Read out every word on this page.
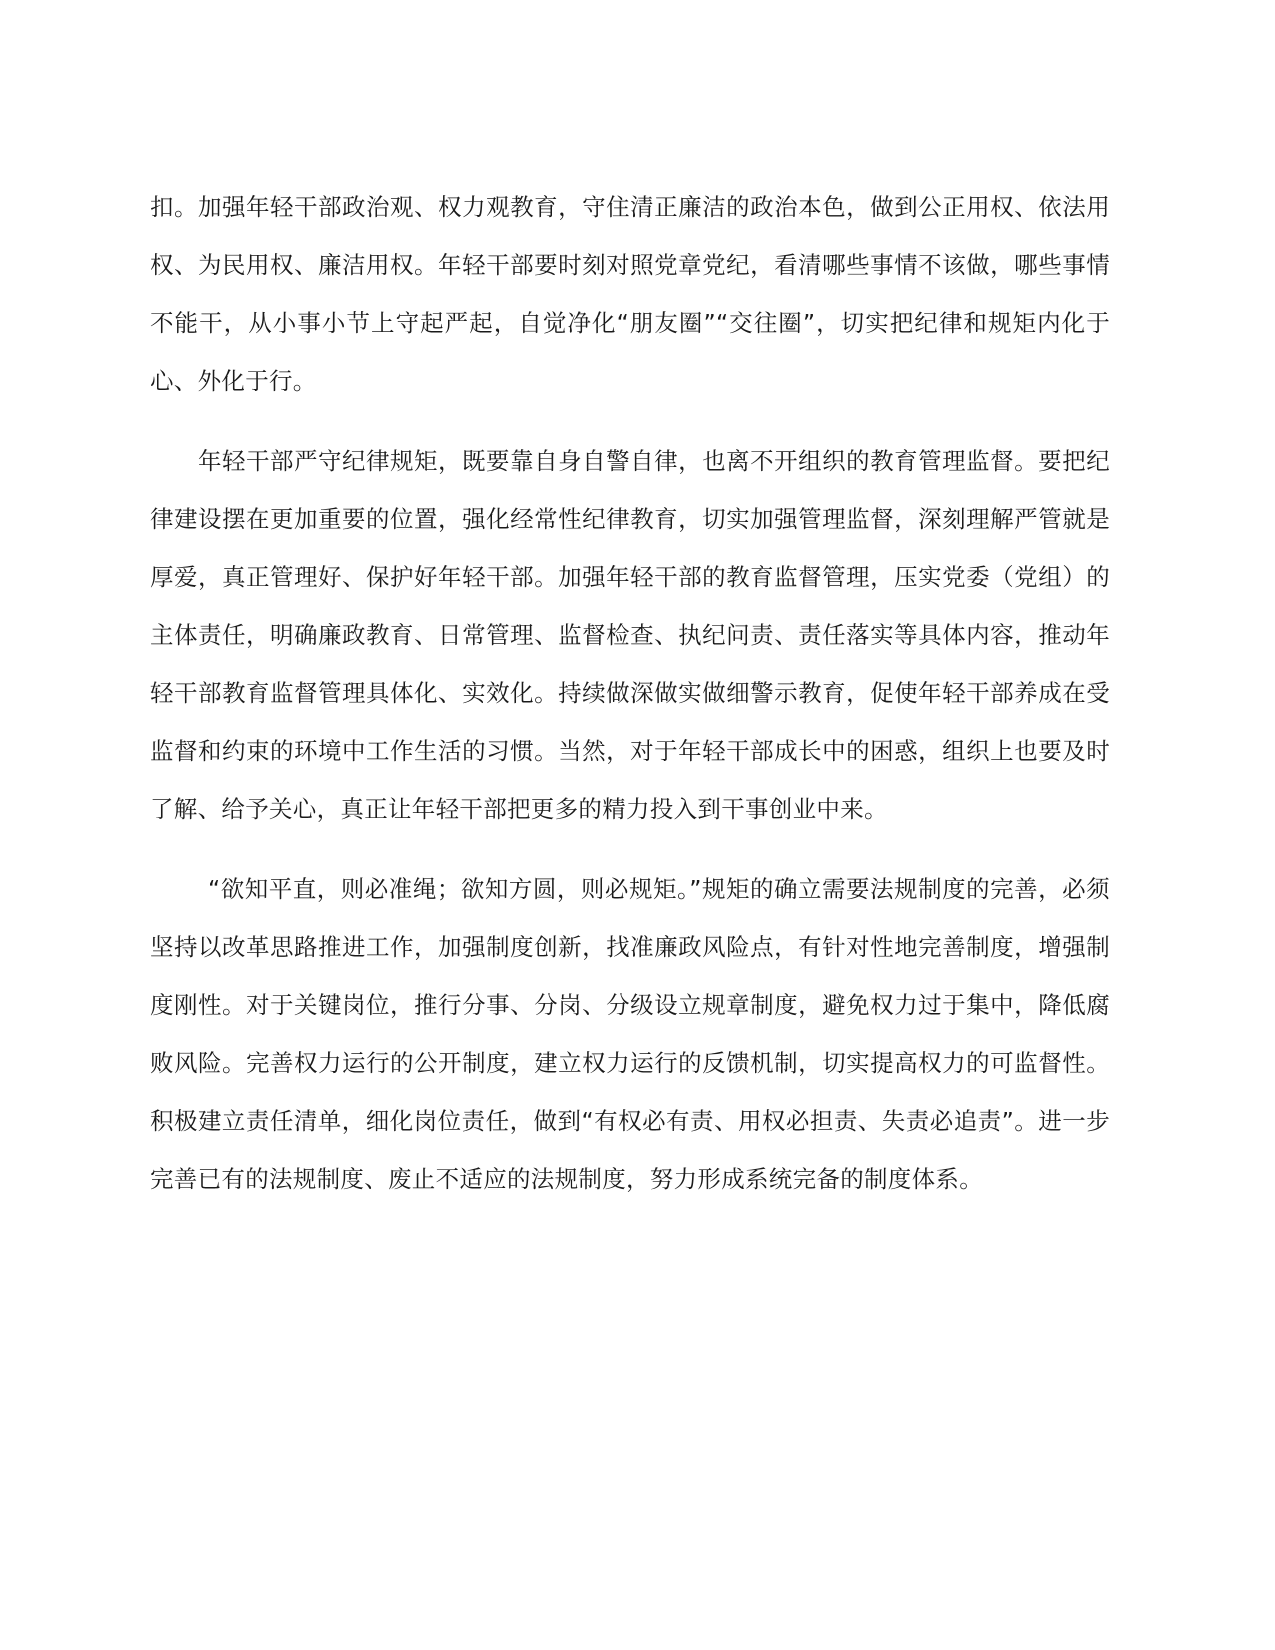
扣。加强年轻干部政治观、权力观教育，守住清正廉洁的政治本色，做到公正用权、依法用权、为民用权、廉洁用权。年轻干部要时刻对照党章党纪，看清哪些事情不该做，哪些事情不能干，从小事小节上守起严起，自觉净化“朋友圈”“交往圈”，切实把纪律和规矩内化于心、外化于行。

年轻干部严守纪律规矩，既要靠自身自警自律，也离不开组织的教育管理监督。要把纪律建设摆在更加重要的位置，强化经常性纪律教育，切实加强管理监督，深刻理解严管就是厚爱，真正管理好、保护好年轻干部。加强年轻干部的教育监督管理，压实党委（党组）的主体责任，明确廉政教育、日常管理、监督检查、执纪问责、责任落实等具体内容，推动年轻干部教育监督管理具体化、实效化。持续做深做实做细警示教育，促使年轻干部养成在受监督和约束的环境中工作生活的习惯。当然，对于年轻干部成长中的困惑，组织上也要及时了解、给予关心，真正让年轻干部把更多的精力投入到干事创业中来。

“欲知平直，则必准绳；欲知方圆，则必规矩。”规矩的确立需要法规制度的完善，必须坚持以改革思路推进工作，加强制度创新，找准廉政风险点，有针对性地完善制度，增强制度刚性。对于关键岗位，推行分事、分岗、分级设立规章制度，避免权力过于集中，降低腐败风险。完善权力运行的公开制度，建立权力运行的反馈机制，切实提高权力的可监督性。积极建立责任清单，细化岗位责任，做到“有权必有责、用权必担责、失责必追责”。进一步完善已有的法规制度、废止不适应的法规制度，努力形成系统完备的制度体系。
